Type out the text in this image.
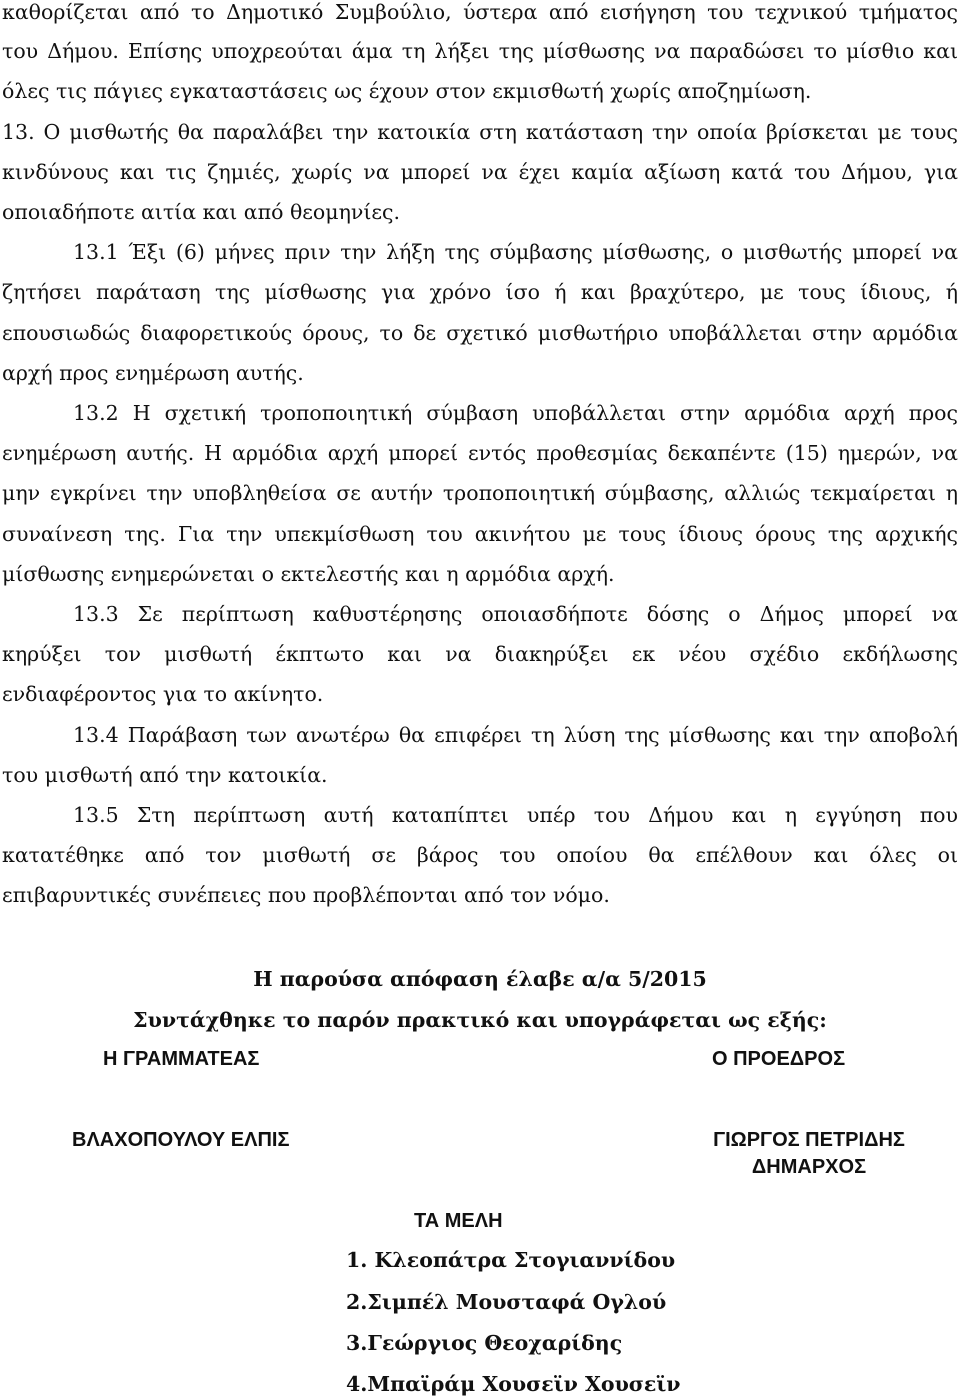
καθορίζεται από το Δημοτικό Συμβούλιο, ύστερα από εισήγηση του τεχνικού τμήματος
του Δήμου. Επίσης υποχρεούται άμα τη λήξει της μίσθωσης να παραδώσει το μίσθιο και
όλες τις πάγιες εγκαταστάσεις ως έχουν στον εκμισθωτή χωρίς αποζημίωση.
13. Ο μισθωτής θα παραλάβει την κατοικία στη κατάσταση την οποία βρίσκεται με τους
κινδύνους και τις ζημιές, χωρίς να μπορεί να έχει καμία αξίωση κατά του Δήμου, για
οποιαδήποτε αιτία και από θεομηνίες.
13.1 Έξι (6) μήνες πριν την λήξη της σύμβασης μίσθωσης, ο μισθωτής μπορεί να
ζητήσει παράταση της μίσθωσης για χρόνο ίσο ή και βραχύτερο, με τους ίδιους, ή
επουσιωδώς διαφορετικούς όρους, το δε σχετικό μισθωτήριο υποβάλλεται στην αρμόδια
αρχή προς ενημέρωση αυτής.
13.2 Η σχετική τροποποιητική σύμβαση υποβάλλεται στην αρμόδια αρχή προς
ενημέρωση αυτής. Η αρμόδια αρχή μπορεί εντός προθεσμίας δεκαπέντε (15) ημερών, να
μην εγκρίνει την υποβληθείσα σε αυτήν τροποποιητική σύμβασης, αλλιώς τεκμαίρεται η
συναίνεση της. Για την υπεκμίσθωση του ακινήτου με τους ίδιους όρους της αρχικής
μίσθωσης ενημερώνεται ο εκτελεστής και η αρμόδια αρχή.
13.3 Σε περίπτωση καθυστέρησης οποιασδήποτε δόσης ο Δήμος μπορεί να
κηρύξει τον μισθωτή έκπτωτο και να διακηρύξει εκ νέου σχέδιο εκδήλωσης
ενδιαφέροντος για το ακίνητο.
13.4 Παράβαση των ανωτέρω θα επιφέρει τη λύση της μίσθωσης και την αποβολή
του μισθωτή από την κατοικία.
13.5 Στη περίπτωση αυτή καταπίπτει υπέρ του Δήμου και η εγγύηση που
κατατέθηκε από τον μισθωτή σε βάρος του οποίου θα επέλθουν και όλες οι
επιβαρυντικές συνέπειες που προβλέπονται από τον νόμο.
Η παρούσα απόφαση έλαβε α/α 5/2015
Συντάχθηκε το παρόν πρακτικό και υπογράφεται ως εξής:
Η ΓΡΑΜΜΑΤΕΑΣ	Ο ΠΡΟΕΔΡΟΣ
ΒΛΑΧΟΠΟΥΛΟΥ ΕΛΠΙΣ	ΓΙΩΡΓΟΣ ΠΕΤΡΙΔΗΣ
ΔΗΜΑΡΧΟΣ
ΤΑ ΜΕΛΗ
1. Κλεοπάτρα Στογιαννίδου
2.Σιμπέλ Μουσταφά Ογλού
3.Γεώργιος Θεοχαρίδης
4.Μπαϊράμ Χουσεϊν Χουσεϊν
